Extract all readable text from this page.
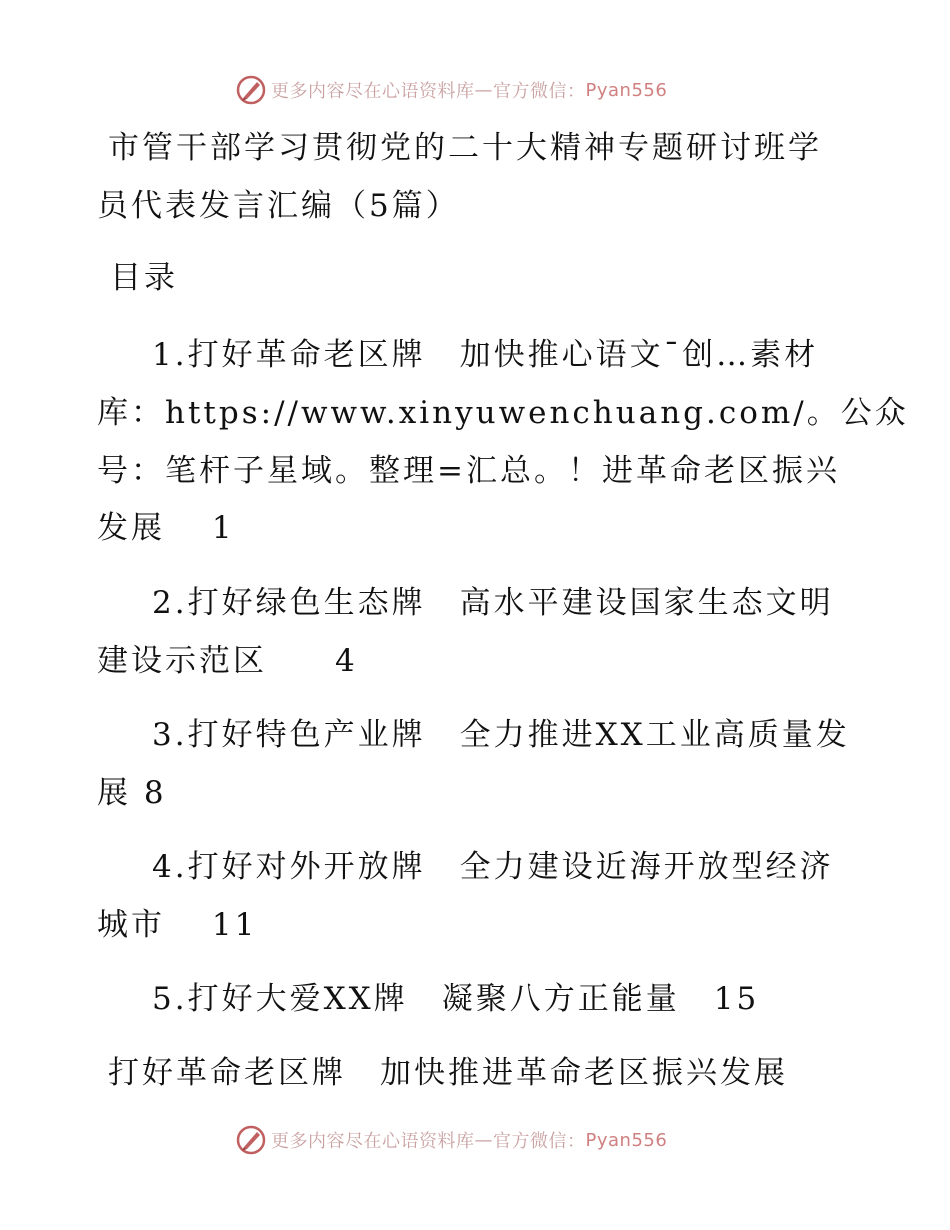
更多内容尽在心语资料库 — 官方微信： Pyan556
市管干部学习贯彻党的二十大精神专题研讨班学
员代表发言汇编（5篇）
目录
1.打好革命老区牌　加快推心语文¯创…素材
库：https://www.xinyuwenchuang.com/。公众
号：笔杆子星域。整理=汇总。！进革命老区振兴
发展　 1
2.打好绿色生态牌　高水平建设国家生态文明
建设示范区　　4
3.打好特色产业牌　全力推进XX工业高质量发
展 8
4.打好对外开放牌　全力建设近海开放型经济
城市　 11
5.打好大爱XX牌　凝聚八方正能量　15
打好革命老区牌　加快推进革命老区振兴发展
更多内容尽在心语资料库 — 官方微信： Pyan556
